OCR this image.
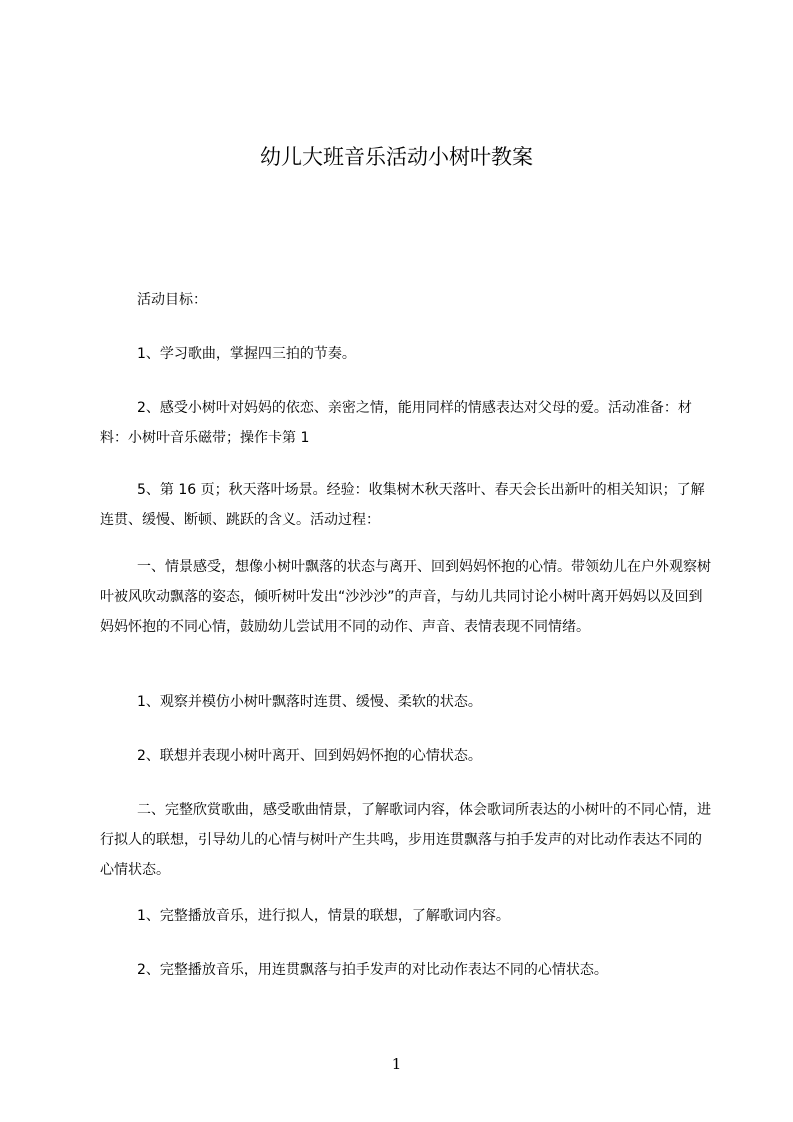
幼儿大班音乐活动小树叶教案

活动目标：

1、学习歌曲，掌握四三拍的节奏。

2、感受小树叶对妈妈的依恋、亲密之情，能用同样的情感表达对父母的爱。活动准备：材料：小树叶音乐磁带；操作卡第 1

5、第 16 页；秋天落叶场景。经验：收集树木秋天落叶、春天会长出新叶的相关知识；了解连贯、缓慢、断顿、跳跃的含义。活动过程：

一、情景感受，想像小树叶飘落的状态与离开、回到妈妈怀抱的心情。带领幼儿在户外观察树叶被风吹动飘落的姿态，倾听树叶发出“沙沙沙”的声音，与幼儿共同讨论小树叶离开妈妈以及回到妈妈怀抱的不同心情，鼓励幼儿尝试用不同的动作、声音、表情表现不同情绪。

1、观察并模仿小树叶飘落时连贯、缓慢、柔软的状态。

2、联想并表现小树叶离开、回到妈妈怀抱的心情状态。

二、完整欣赏歌曲，感受歌曲情景，了解歌词内容，体会歌词所表达的小树叶的不同心情，进行拟人的联想，引导幼儿的心情与树叶产生共鸣，步用连贯飘落与拍手发声的对比动作表达不同的心情状态。

1、完整播放音乐，进行拟人，情景的联想，了解歌词内容。

2、完整播放音乐，用连贯飘落与拍手发声的对比动作表达不同的心情状态。

1
